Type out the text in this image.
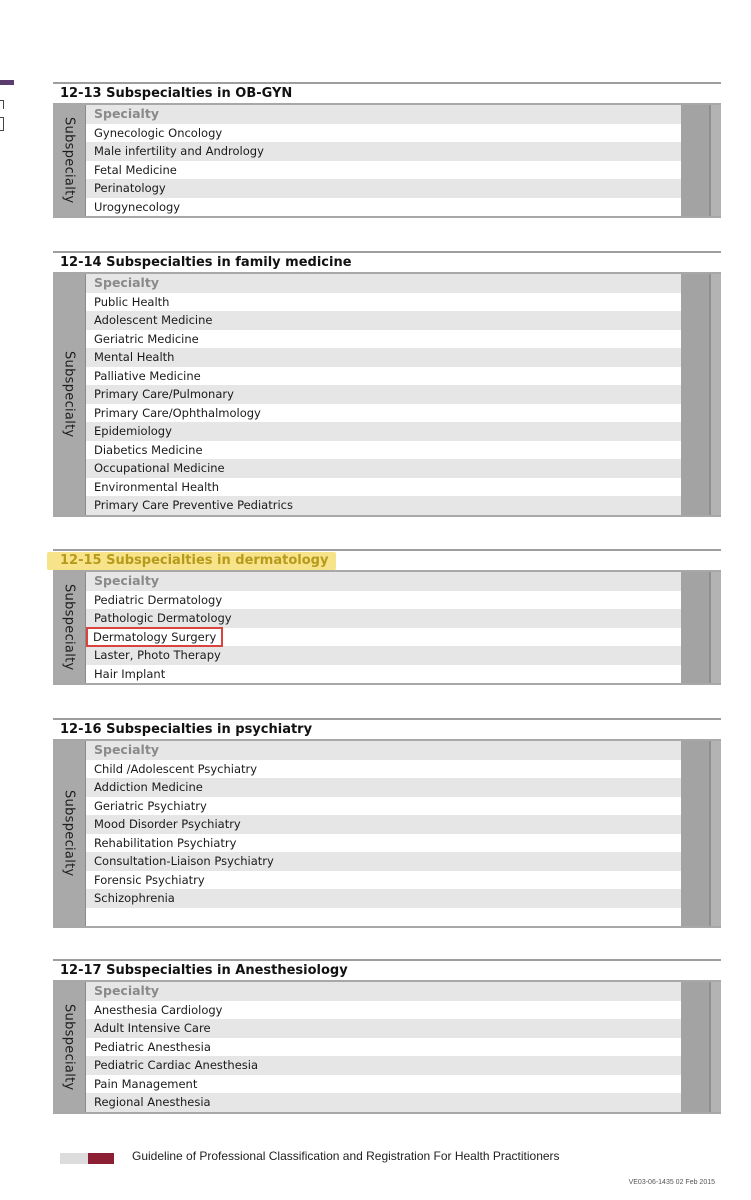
12-13 Subspecialties in OB-GYN
Subspecialty
Specialty
Gynecologic Oncology
Male infertility and Andrology
Fetal Medicine
Perinatology
Urogynecology
12-14 Subspecialties in family medicine
Subspecialty
Specialty
Public Health
Adolescent Medicine
Geriatric Medicine
Mental Health
Palliative Medicine
Primary Care/Pulmonary
Primary Care/Ophthalmology
Epidemiology
Diabetics Medicine
Occupational Medicine
Environmental Health
Primary Care Preventive Pediatrics
12-15 Subspecialties in dermatology
Subspecialty
Specialty
Pediatric Dermatology
Pathologic Dermatology
Dermatology Surgery
Laster, Photo Therapy
Hair Implant
12-16 Subspecialties in psychiatry
Subspecialty
Specialty
Child /Adolescent Psychiatry
Addiction Medicine
Geriatric Psychiatry
Mood Disorder Psychiatry
Rehabilitation Psychiatry
Consultation-Liaison Psychiatry
Forensic Psychiatry
Schizophrenia
12-17 Subspecialties in Anesthesiology
Subspecialty
Specialty
Anesthesia Cardiology
Adult Intensive Care
Pediatric Anesthesia
Pediatric Cardiac Anesthesia
Pain Management
Regional Anesthesia
Guideline of Professional Classification and Registration For Health Practitioners
VE03-06-1435 02 Feb 2015
